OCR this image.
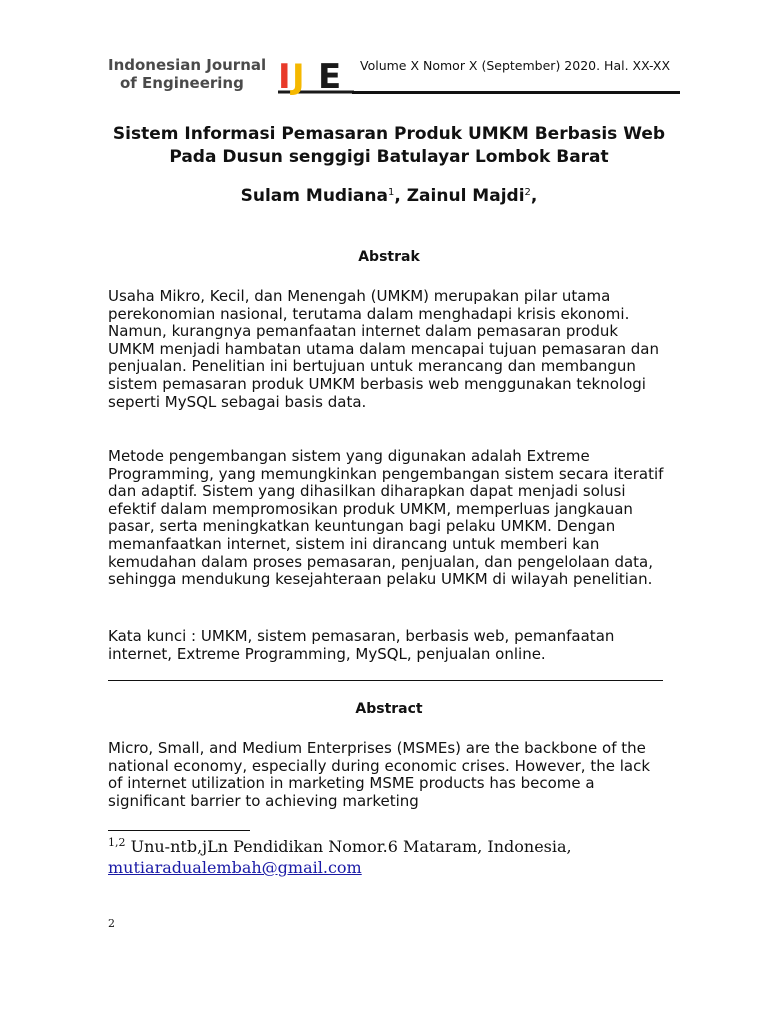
Indonesian Journal
of Engineering	I J E Volume X Nomor X (September) 2020. Hal. XX-XX
Sistem Informasi Pemasaran Produk UMKM Berbasis Web Pada Dusun senggigi Batulayar Lombok Barat
Sulam Mudiana$^1$, Zainul Majdi$^2$,
Abstrak

Usaha Mikro, Kecil, dan Menengah (UMKM) merupakan pilar utama perekonomian nasional, terutama dalam menghadapi krisis ekonomi. Namun, kurangnya pemanfaatan internet dalam pemasaran produk UMKM menjadi hambatan utama dalam mencapai tujuan pemasaran dan penjualan. Penelitian ini bertujuan untuk merancang dan membangun sistem pemasaran produk UMKM berbasis web menggunakan teknologi seperti MySQL sebagai basis data.

Metode pengembangan sistem yang digunakan adalah Extreme Programming, yang memungkinkan pengembangan sistem secara iteratif dan adaptif. Sistem yang dihasilkan diharapkan dapat menjadi solusi efektif dalam mempromosikan produk UMKM, memperluas jangkauan pasar, serta meningkatkan keuntungan bagi pelaku UMKM. Dengan memanfaatkan internet, sistem ini dirancang untuk memberi kan kemudahan dalam proses pemasaran, penjualan, dan pengelolaan data, sehingga mendukung kesejahteraan pelaku UMKM di wilayah penelitian.

Kata kunci : UMKM, sistem pemasaran, berbasis web, pemanfaatan internet, Extreme Programming, MySQL, penjualan online.

Abstract

Micro, Small, and Medium Enterprises (MSMEs) are the backbone of the national economy, especially during economic crises. However, the lack of internet utilization in marketing MSME products has become a significant barrier to achieving marketing

$^{1,2}$ Unu-ntb,jLn Pendidikan Nomor.6 Mataram, Indonesia,
mutiaradualembah@gmail.com
2
